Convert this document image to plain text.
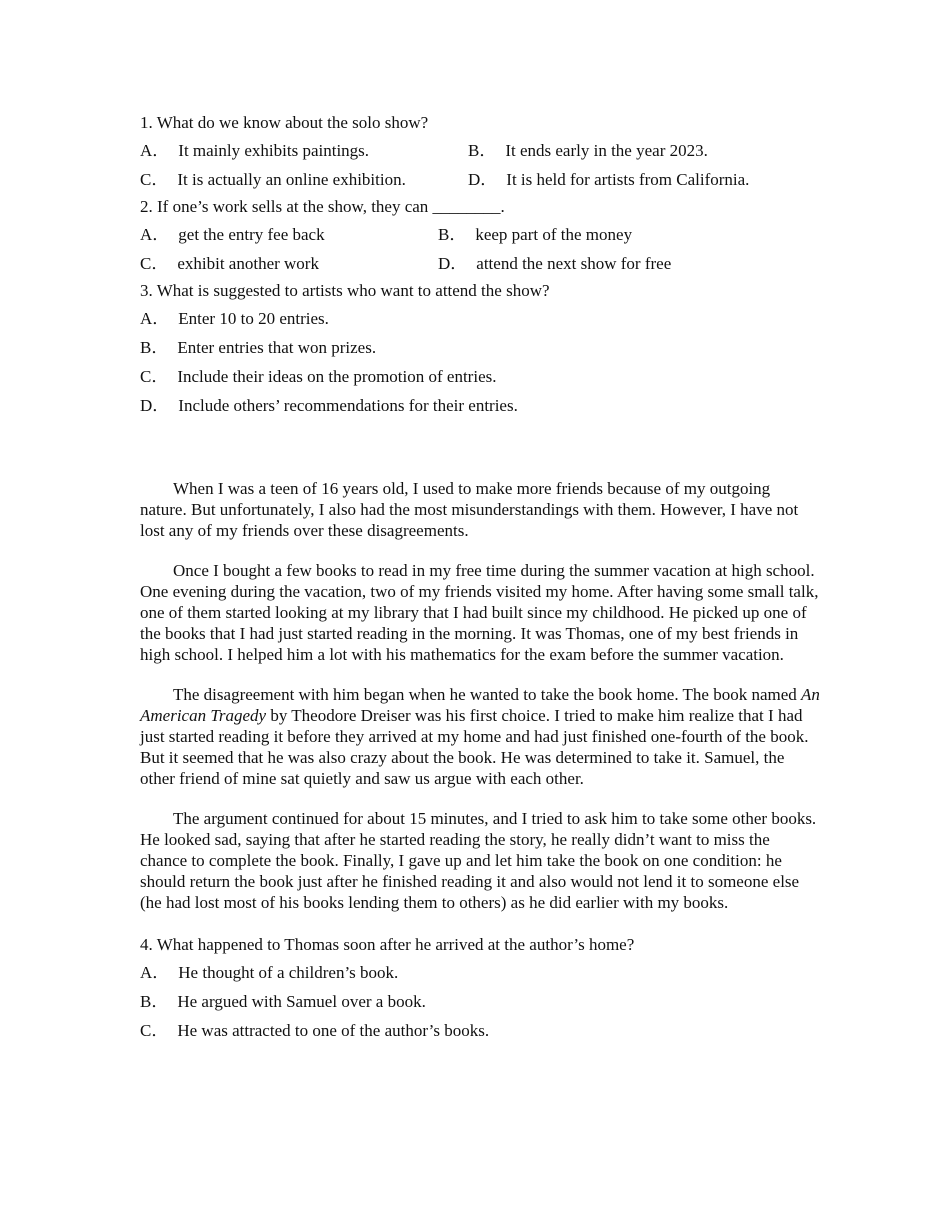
1. What do we know about the solo show?

A． It mainly exhibits paintings.	B． It ends early in the year 2023.
C． It is actually an online exhibition.	D． It is held for artists from California.

2. If one’s work sells at the show, they can ________.

A． get the entry fee back	B． keep part of the money
C． exhibit another work	D． attend the next show for free

3. What is suggested to artists who want to attend the show?

A． Enter 10 to 20 entries.
B． Enter entries that won prizes.
C． Include their ideas on the promotion of entries.
D． Include others’ recommendations for their entries.

When I was a teen of 16 years old, I used to make more friends because of my outgoing nature. But unfortunately, I also had the most misunderstandings with them. However, I have not lost any of my friends over these disagreements.

Once I bought a few books to read in my free time during the summer vacation at high school. One evening during the vacation, two of my friends visited my home. After having some small talk, one of them started looking at my library that I had built since my childhood. He picked up one of the books that I had just started reading in the morning. It was Thomas, one of my best friends in high school. I helped him a lot with his mathematics for the exam before the summer vacation.

The disagreement with him began when he wanted to take the book home. The book named An American Tragedy by Theodore Dreiser was his first choice. I tried to make him realize that I had just started reading it before they arrived at my home and had just finished one-fourth of the book. But it seemed that he was also crazy about the book. He was determined to take it. Samuel, the other friend of mine sat quietly and saw us argue with each other.

The argument continued for about 15 minutes, and I tried to ask him to take some other books. He looked sad, saying that after he started reading the story, he really didn’t want to miss the chance to complete the book. Finally, I gave up and let him take the book on one condition: he should return the book just after he finished reading it and also would not lend it to someone else (he had lost most of his books lending them to others) as he did earlier with my books.

4. What happened to Thomas soon after he arrived at the author’s home?

A． He thought of a children’s book.
B． He argued with Samuel over a book.
C． He was attracted to one of the author’s books.
